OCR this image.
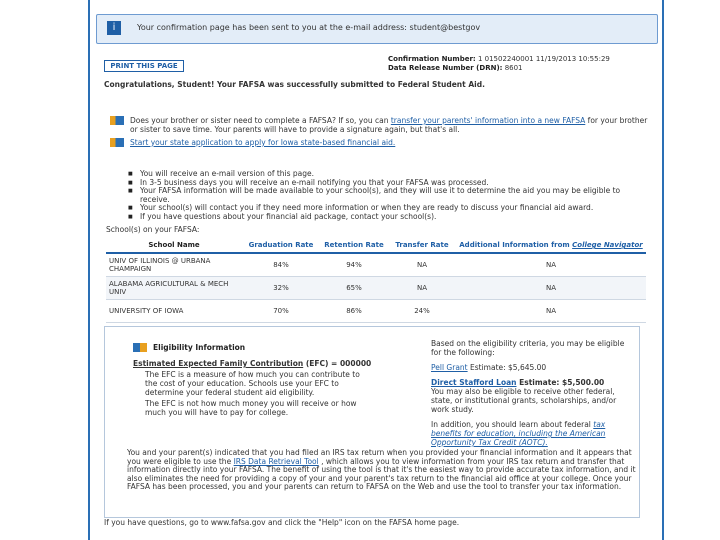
i	Your confirmation page has been sent to you at the e-mail address: student@bestgov
PRINT THIS PAGE
Confirmation Number: 1 01502240001 11/19/2013 10:55:29
Data Release Number (DRN): 8601
Congratulations, Student! Your FAFSA was successfully submitted to Federal Student Aid.
Does your brother or sister need to complete a FAFSA? If so, you can transfer your parents' information into a new FAFSA for your brother or sister to save time. Your parents will have to provide a signature again, but that's all.
Start your state application to apply for Iowa state-based financial aid.
■ You will receive an e-mail version of this page.
■ In 3-5 business days you will receive an e-mail notifying you that your FAFSA was processed.
■ Your FAFSA information will be made available to your school(s), and they will use it to determine the aid you may be eligible to receive.
■ Your school(s) will contact you if they need more information or when they are ready to discuss your financial aid award.
■ If you have questions about your financial aid package, contact your school(s).
School(s) on your FAFSA:
School Name	Graduation Rate	Retention Rate	Transfer Rate	Additional Information from College Navigator
UNIV OF ILLINOIS @ URBANA CHAMPAIGN	84%	94%	NA	NA
ALABAMA AGRICULTURAL & MECH UNIV	32%	65%	NA	NA
UNIVERSITY OF IOWA	70%	86%	24%	NA
Eligibility Information
Estimated Expected Family Contribution (EFC) = 000000

The EFC is a measure of how much you can contribute to the cost of your education. Schools use your EFC to determine your federal student aid eligibility.

The EFC is not how much money you will receive or how much you will have to pay for college.

Based on the eligibility criteria, you may be eligible for the following:

Pell Grant Estimate: $5,645.00

Direct Stafford Loan Estimate: $5,500.00

You may also be eligible to receive other federal, state, or institutional grants, scholarships, and/or work study.

In addition, you should learn about federal tax benefits for education, including the American Opportunity Tax Credit (AOTC).

You and your parent(s) indicated that you had filed an IRS tax return when you provided your financial information and it appears that you were eligible to use the IRS Data Retrieval Tool , which allows you to view information from your IRS tax return and transfer that information directly into your FAFSA. The benefit of using the tool is that it's the easiest way to provide accurate tax information, and it also eliminates the need for providing a copy of your and your parent's tax return to the financial aid office at your college. Once your FAFSA has been processed, you and your parents can return to FAFSA on the Web and use the tool to transfer your tax information.
If you have questions, go to www.fafsa.gov and click the "Help" icon on the FAFSA home page.
